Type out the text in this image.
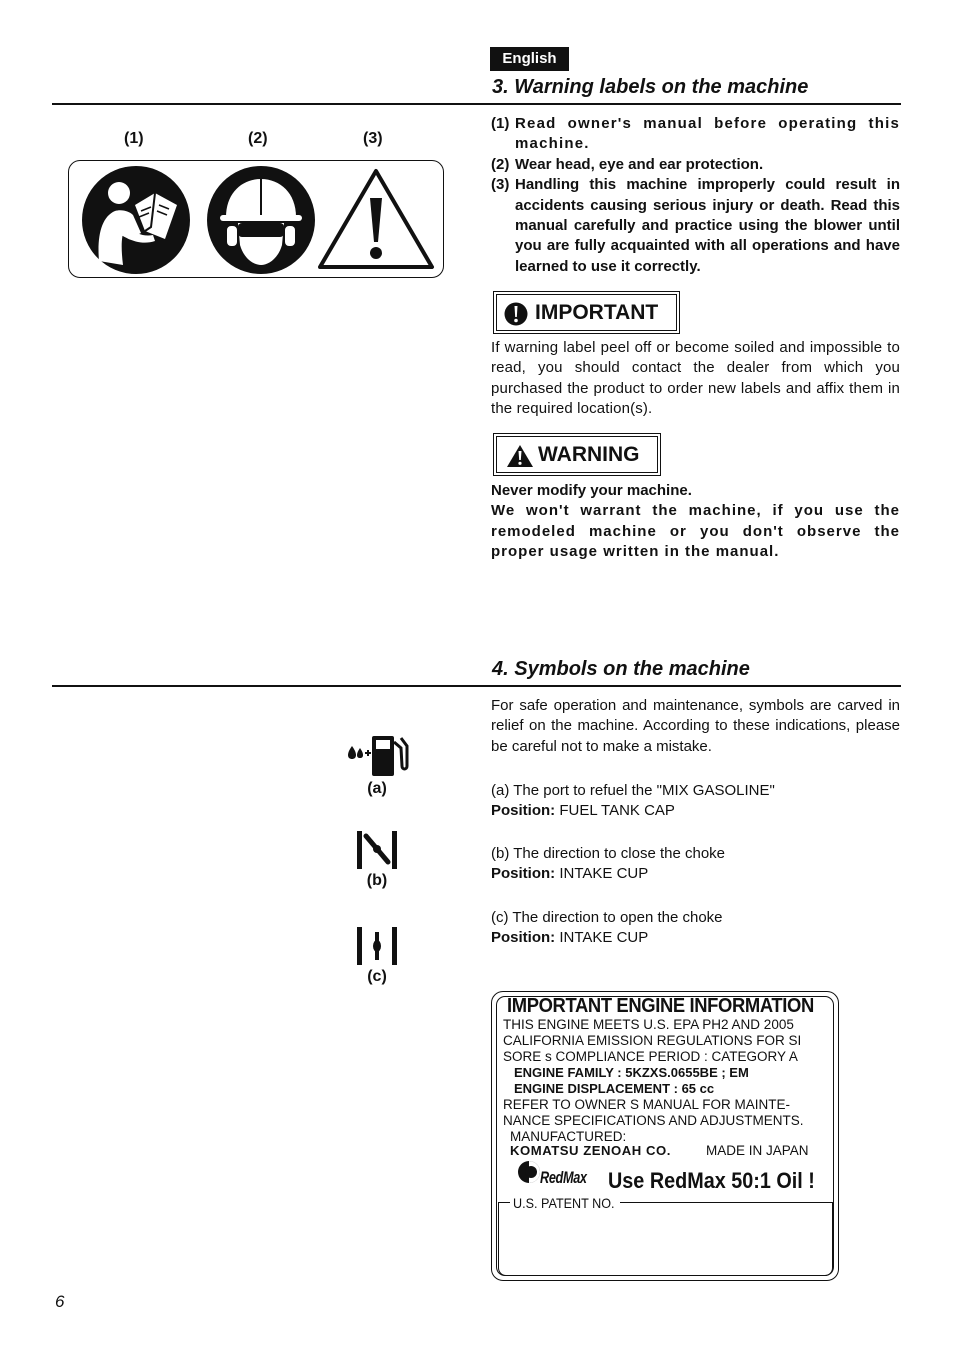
English
3. Warning labels on the machine
(1)	(2)	(3)
(1) Read owner's manual before operating this machine.
(2) Wear head, eye and ear protection.
(3) Handling this machine improperly could result in accidents causing serious injury or death. Read this manual carefully and practice using the blower until you are fully acquainted with all operations and have learned to use it correctly.
IMPORTANT
If warning label peel off or become soiled and impossible to read, you should contact the dealer from which you purchased the product to order new labels and affix them in the required location(s).
WARNING
Never modify your machine.
We won't warrant the machine, if you use the remodeled machine or you don't observe the proper usage written in the manual.
4. Symbols on the machine
For safe operation and maintenance, symbols are carved in relief on the machine. According to these indications, please be careful not to make a mistake.
(a)
(b)
(c)
(a) The port to refuel the "MIX GASOLINE"
Position: FUEL TANK CAP
(b) The direction to close the choke
Position: INTAKE CUP
(c) The direction to open the choke
Position: INTAKE CUP
IMPORTANT ENGINE INFORMATION
THIS ENGINE MEETS U.S. EPA PH2 AND 2005
CALIFORNIA EMISSION REGULATIONS FOR SI
SORE s COMPLIANCE PERIOD : CATEGORY A
ENGINE FAMILY : 5KZXS.0655BE ; EM
ENGINE DISPLACEMENT : 65 cc
REFER TO OWNER S MANUAL FOR MAINTE-
NANCE SPECIFICATIONS AND ADJUSTMENTS.
MANUFACTURED:
KOMATSU ZENOAH CO.	MADE IN JAPAN
RedMax Use RedMax 50:1 Oil !
U.S. PATENT NO.
6
